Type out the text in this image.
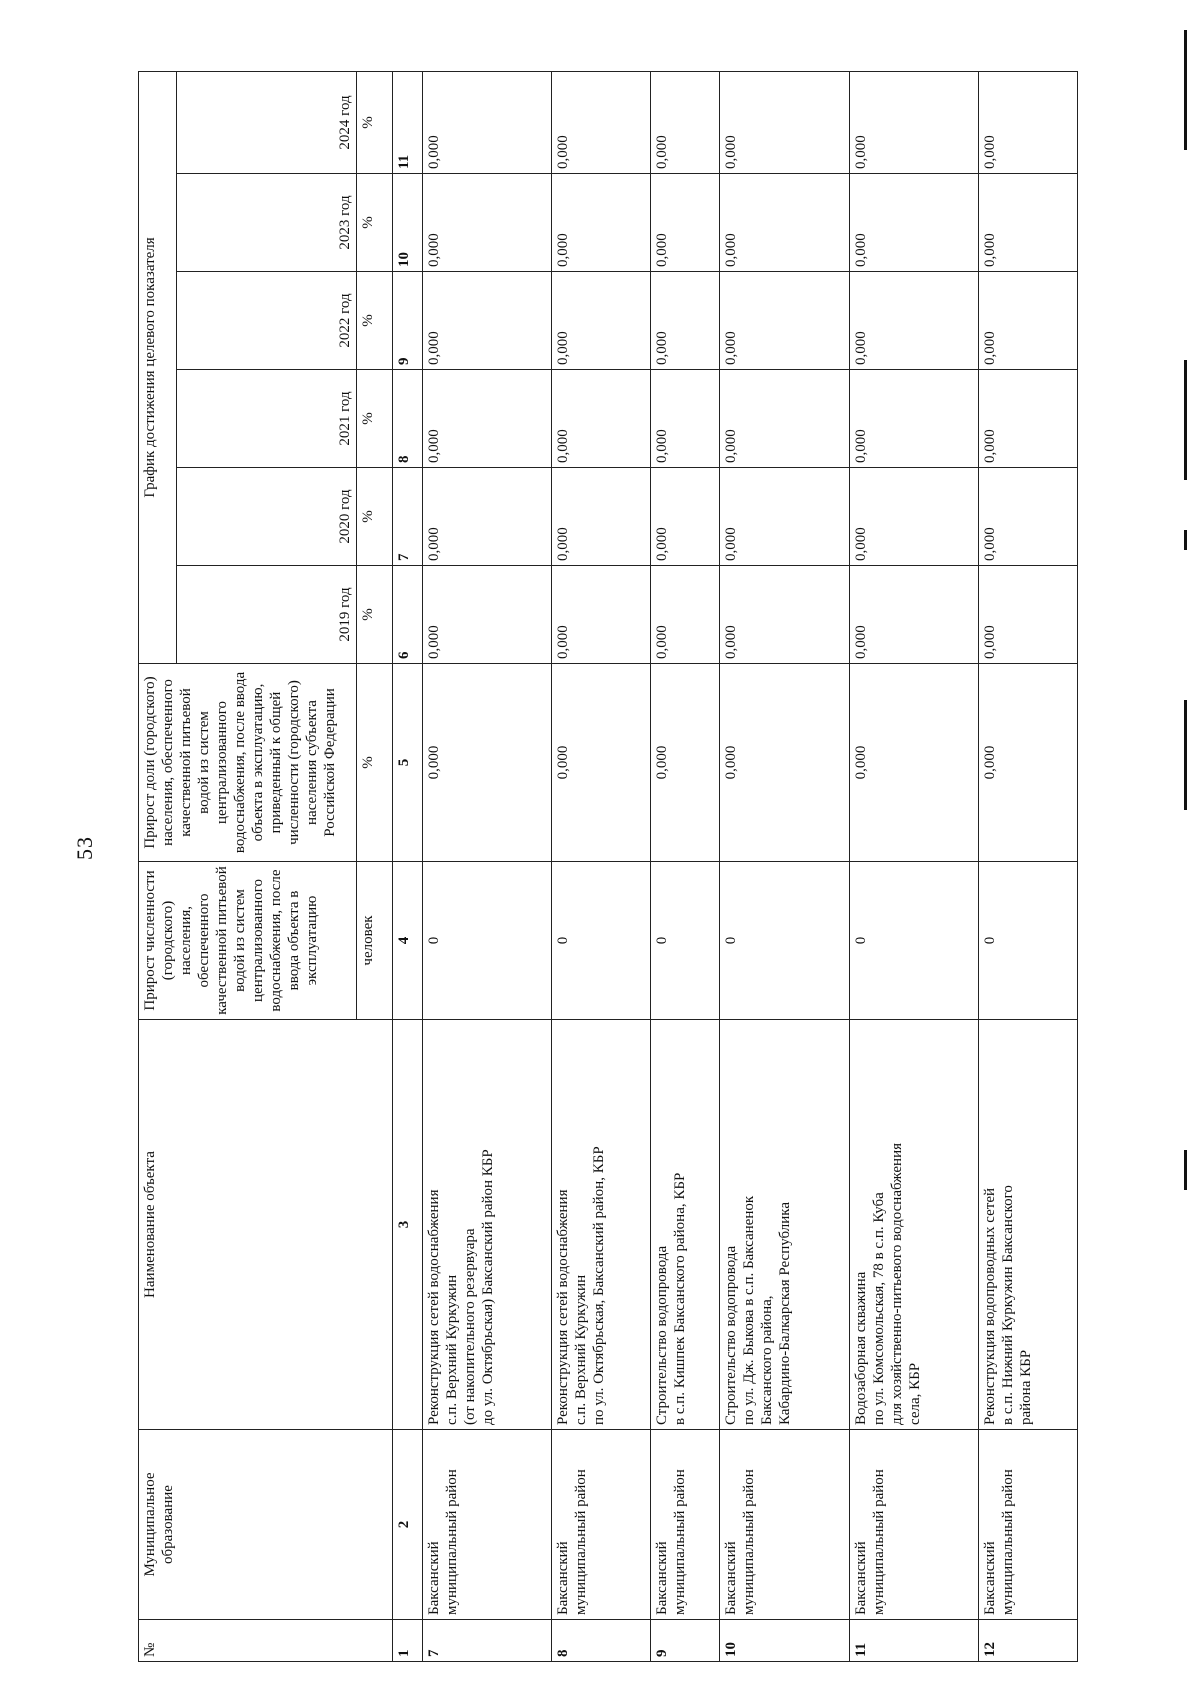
53
№	Муниципальное образование	Наименование объекта	Прирост численности (городского) населения, обеспеченного качественной питьевой водой из систем централизованного водоснабжения, после ввода объекта в эксплуатацию	Прирост доли (городского) населения, обеспеченного качественной питьевой водой из систем централизованного водоснабжения, после ввода объекта в эксплуатацию, приведенный к общей численности (городского) населения субъекта Российской Федерации	График достижения целевого показателя					
					2019 год	2020 год	2021 год	2022 год	2023 год	2024 год
			человек	%	%	%	%	%	%	%
1	2	3	4	5	6	7	8	9	10	11
7	Баксанский муниципальный район	Реконструкция сетей водоснабжения с.п. Верхний Куркужин (от накопительного резервуара до ул. Октябрьская) Баксанский район КБР	0	0,000	0,000	0,000	0,000	0,000	0,000	0,000
8	Баксанский муниципальный район	Реконструкция сетей водоснабжения с.п. Верхний Куркужин по ул. Октябрьская, Баксанский район, КБР	0	0,000	0,000	0,000	0,000	0,000	0,000	0,000
9	Баксанский муниципальный район	Строительство водопровода в с.п. Кишпек Баксанского района, КБР	0	0,000	0,000	0,000	0,000	0,000	0,000	0,000
10	Баксанский муниципальный район	Строительство водопровода по ул. Дж. Быкова в с.п. Баксаненок Баксанского района, Кабардино-Балкарская Республика	0	0,000	0,000	0,000	0,000	0,000	0,000	0,000
11	Баксанский муниципальный район	Водозаборная скважина по ул. Комсомольская, 78 в с.п. Куба для хозяйственно-питьевого водоснабжения села, КБР	0	0,000	0,000	0,000	0,000	0,000	0,000	0,000
12	Баксанский муниципальный район	Реконструкция водопроводных сетей в с.п. Нижний Куркужин Баксанского района КБР	0	0,000	0,000	0,000	0,000	0,000	0,000	0,000
